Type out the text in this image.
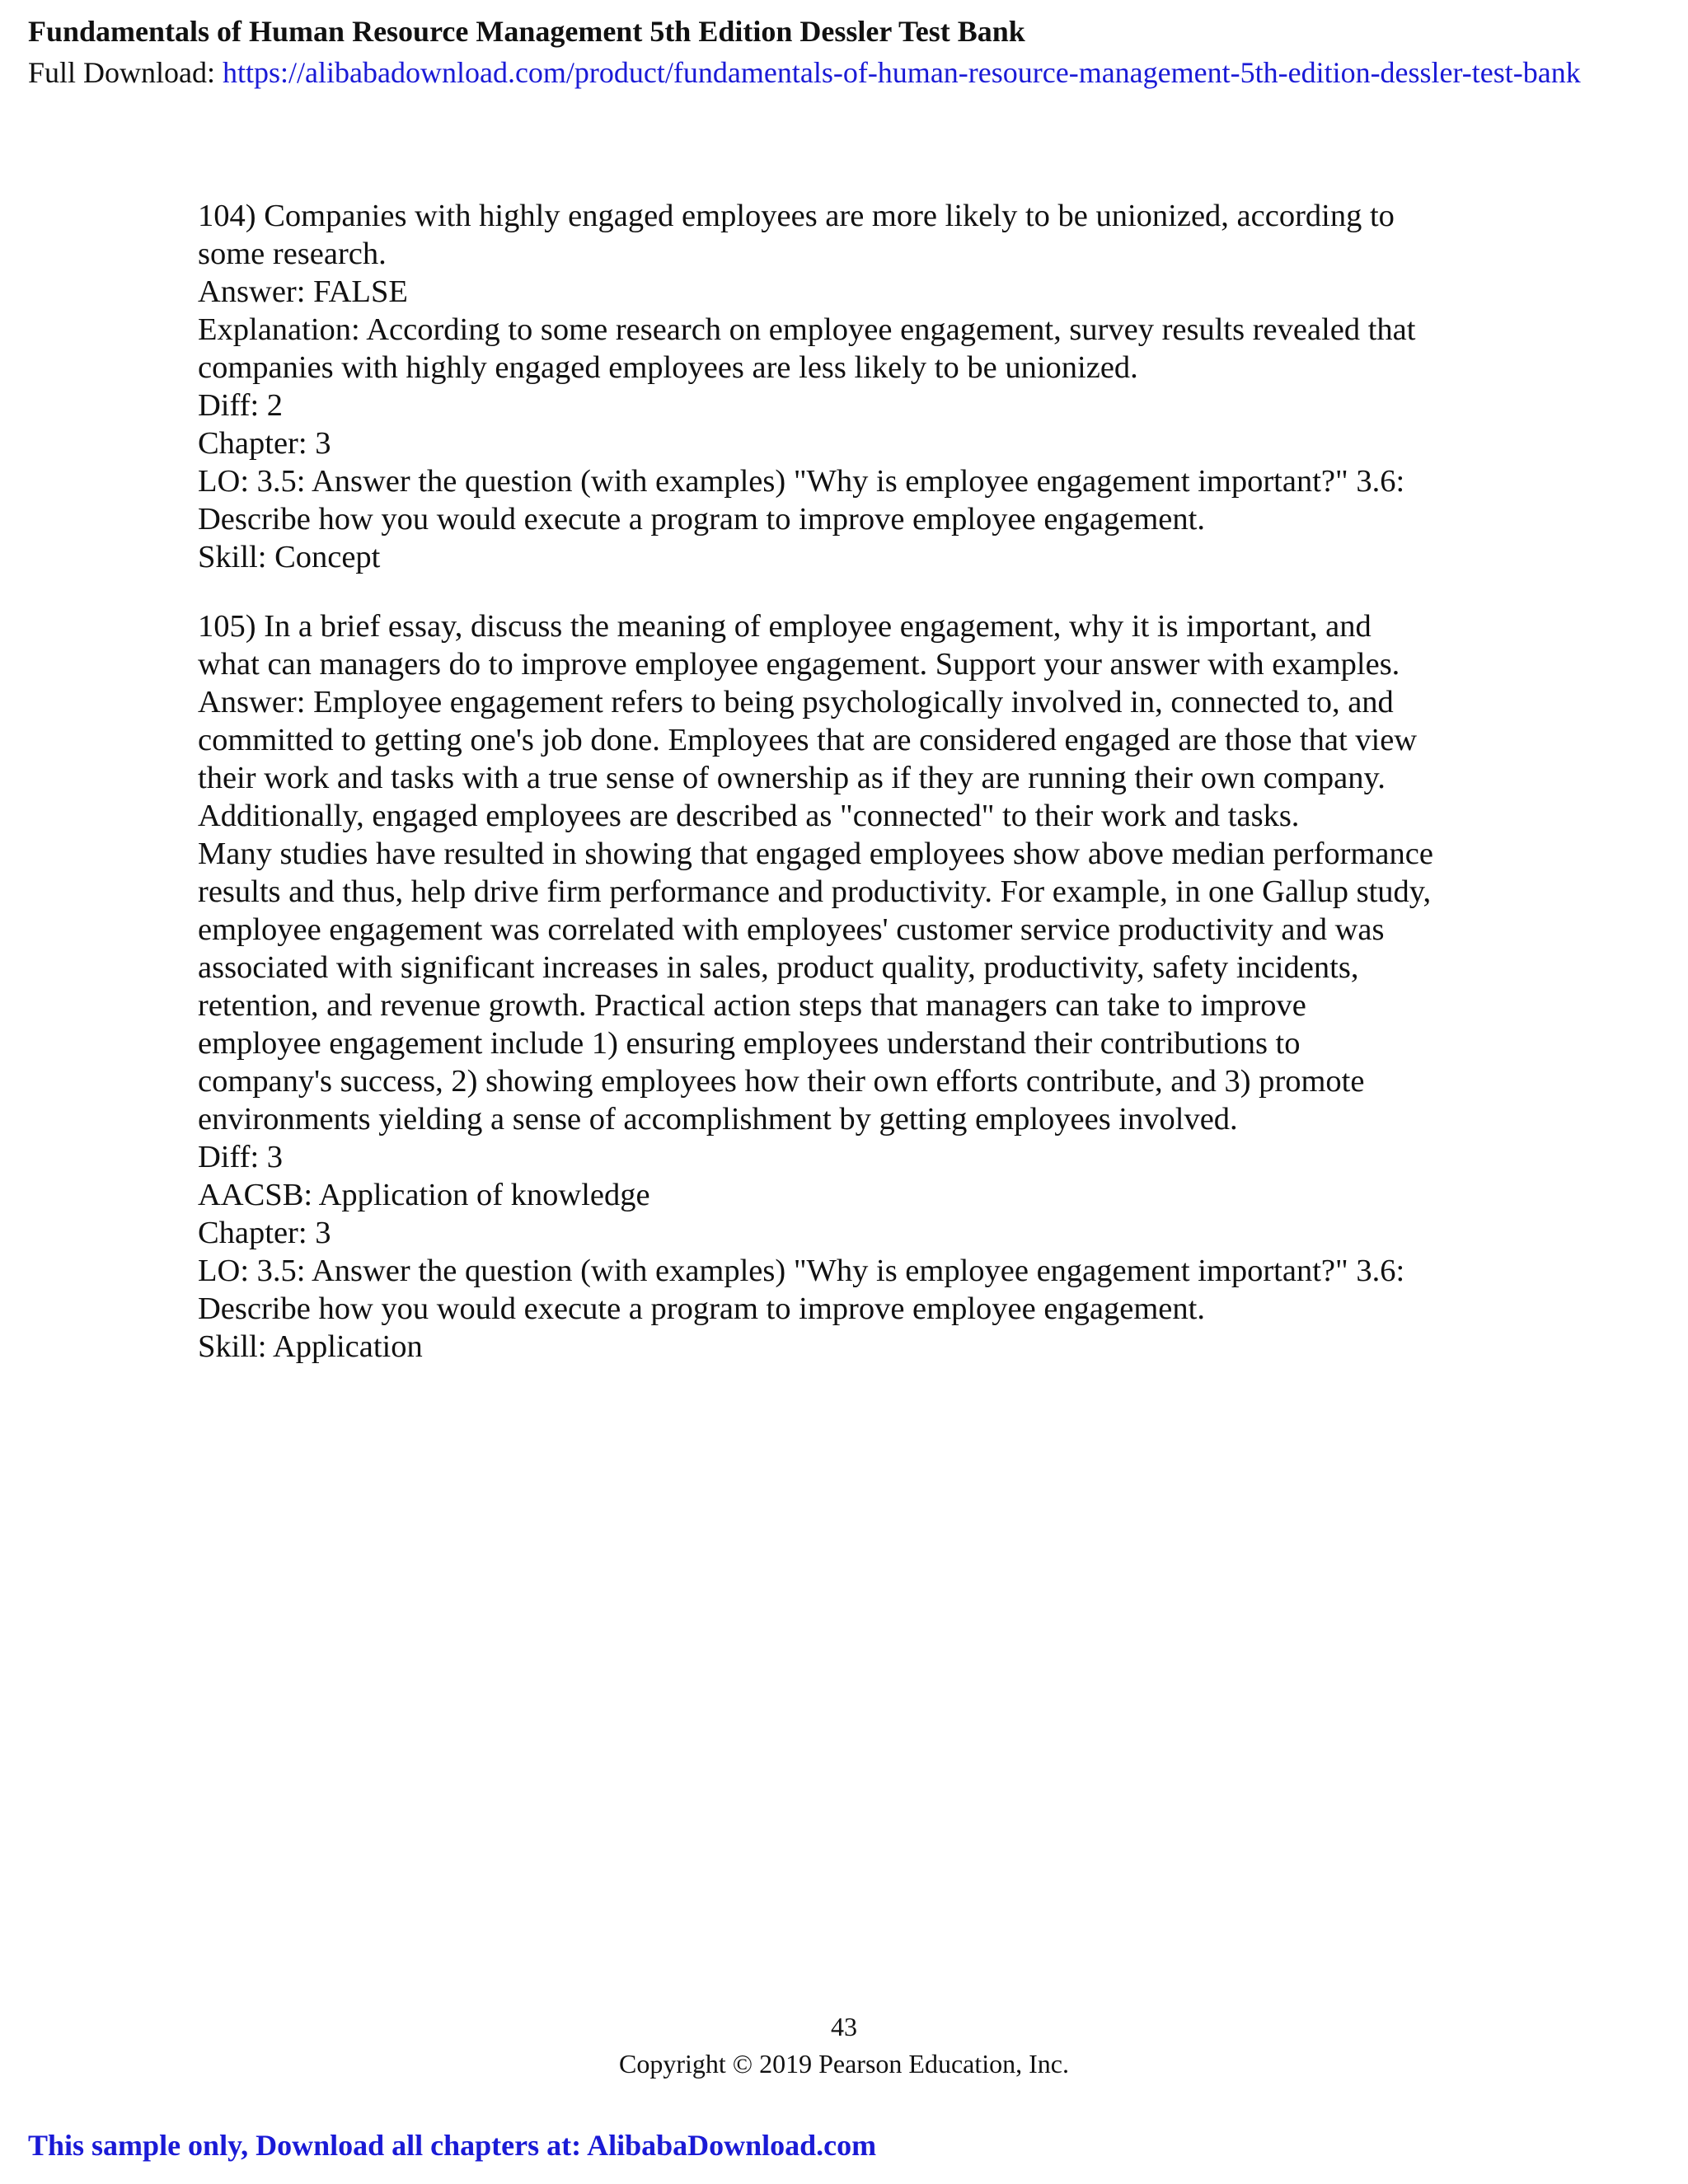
Fundamentals of Human Resource Management 5th Edition Dessler Test Bank
Full Download: https://alibabadownload.com/product/fundamentals-of-human-resource-management-5th-edition-dessler-test-bank
104) Companies with highly engaged employees are more likely to be unionized, according to
some research.
Answer: FALSE
Explanation: According to some research on employee engagement, survey results revealed that
companies with highly engaged employees are less likely to be unionized.
Diff: 2
Chapter: 3
LO: 3.5: Answer the question (with examples) "Why is employee engagement important?" 3.6:
Describe how you would execute a program to improve employee engagement.
Skill: Concept
105) In a brief essay, discuss the meaning of employee engagement, why it is important, and
what can managers do to improve employee engagement. Support your answer with examples.
Answer: Employee engagement refers to being psychologically involved in, connected to, and
committed to getting one's job done. Employees that are considered engaged are those that view
their work and tasks with a true sense of ownership as if they are running their own company.
Additionally, engaged employees are described as "connected" to their work and tasks.
Many studies have resulted in showing that engaged employees show above median performance
results and thus, help drive firm performance and productivity. For example, in one Gallup study,
employee engagement was correlated with employees' customer service productivity and was
associated with significant increases in sales, product quality, productivity, safety incidents,
retention, and revenue growth. Practical action steps that managers can take to improve
employee engagement include 1) ensuring employees understand their contributions to
company's success, 2) showing employees how their own efforts contribute, and 3) promote
environments yielding a sense of accomplishment by getting employees involved.
Diff: 3
AACSB: Application of knowledge
Chapter: 3
LO: 3.5: Answer the question (with examples) "Why is employee engagement important?" 3.6:
Describe how you would execute a program to improve employee engagement.
Skill: Application
43
Copyright © 2019 Pearson Education, Inc.
This sample only, Download all chapters at: AlibabaDownload.com
